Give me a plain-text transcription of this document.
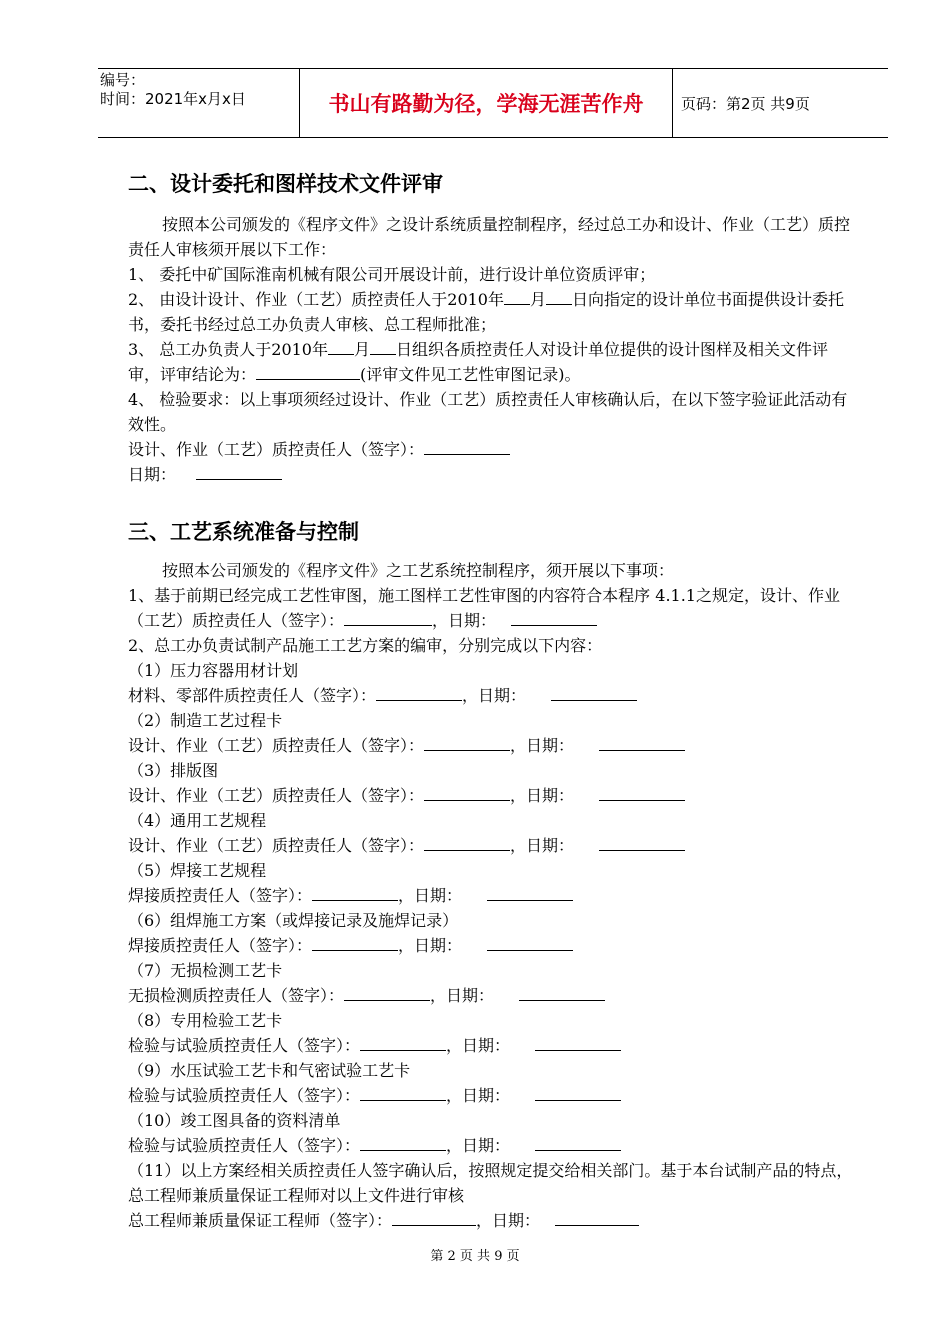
编号：
时间：2021年x月x日	书山有路勤为径，学海无涯苦作舟	页码：第2页 共9页
二、设计委托和图样技术文件评审

按照本公司颁发的《程序文件》之设计系统质量控制程序，经过总工办和设计、作业（工艺）质控责任人审核须开展以下工作：

1、 委托中矿国际淮南机械有限公司开展设计前，进行设计单位资质评审；

2、 由设计设计、作业（工艺）质控责任人于2010年 月 日向指定的设计单位书面提供设计委托书，委托书经过总工办负责人审核、总工程师批准；

3、 总工办负责人于2010年 月 日组织各质控责任人对设计单位提供的设计图样及相关文件评审，评审结论为：	(评审文件见工艺性审图记录)。

4、 检验要求：以上事项须经过设计、作业（工艺）质控责任人审核确认后，在以下签字验证此活动有效性。

设计、作业（工艺）质控责任人（签字）：

日期：

三、工艺系统准备与控制

按照本公司颁发的《程序文件》之工艺系统控制程序，须开展以下事项：

1、基于前期已经完成工艺性审图，施工图样工艺性审图的内容符合本程序 4.1.1之规定，设计、作业（工艺）质控责任人（签字）：	，日期：

2、总工办负责试制产品施工工艺方案的编审，分别完成以下内容：

（1）压力容器用材计划

材料、零部件质控责任人（签字）：	，日期：

（2）制造工艺过程卡

设计、作业（工艺）质控责任人（签字）：	，日期：

（3）排版图

设计、作业（工艺）质控责任人（签字）：	，日期：

（4）通用工艺规程

设计、作业（工艺）质控责任人（签字）：	，日期：

（5）焊接工艺规程

焊接质控责任人（签字）：	，日期：

（6）组焊施工方案（或焊接记录及施焊记录）

焊接质控责任人（签字）：	，日期：

（7）无损检测工艺卡

无损检测质控责任人（签字）：	，日期：

（8）专用检验工艺卡

检验与试验质控责任人（签字）：	，日期：

（9）水压试验工艺卡和气密试验工艺卡

检验与试验质控责任人（签字）：	，日期：

（10）竣工图具备的资料清单

检验与试验质控责任人（签字）：	，日期：

（11）以上方案经相关质控责任人签字确认后，按照规定提交给相关部门。基于本台试制产品的特点，总工程师兼质量保证工程师对以上文件进行审核

总工程师兼质量保证工程师（签字）：	，日期：

第 2 页 共 9 页
